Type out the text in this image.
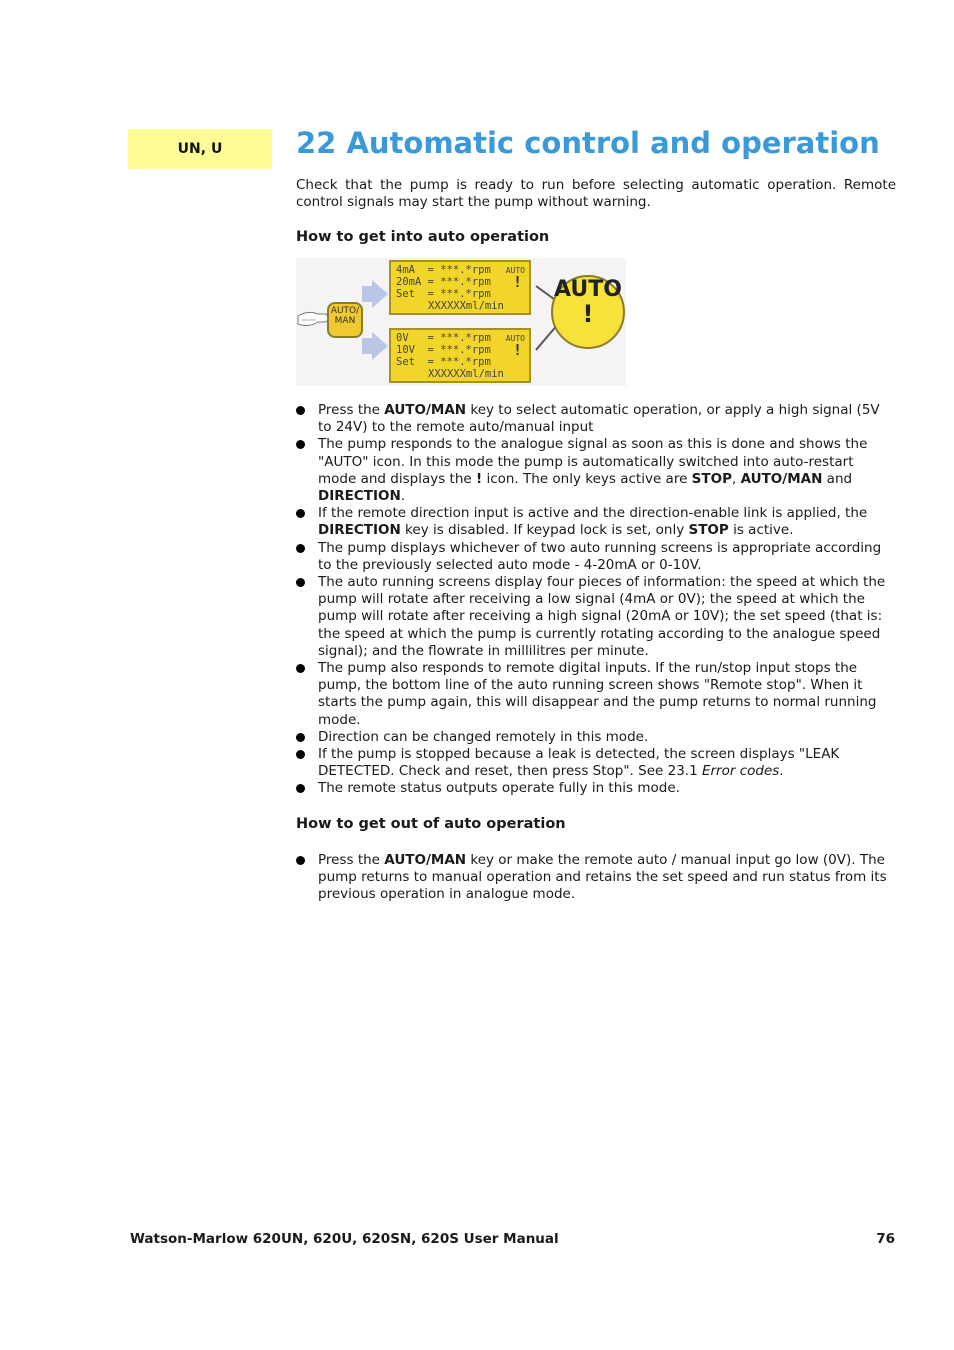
UN, U	22 Automatic control and operation

Check that the pump is ready to run before selecting automatic operation. Remote control signals may start the pump without warning.

How to get into auto operation
AUTO/
MAN
AUTO
!
4mA  = ***.*rpm
20mA = ***.*rpm
Set  = ***.*rpm
XXXXXXml/min
AUTO
!
0V   = ***.*rpm
10V  = ***.*rpm
Set  = ***.*rpm
XXXXXXml/min
AUTO
!
Press the AUTO/MAN key to select automatic operation, or apply a high signal (5V to 24V) to the remote auto/manual input
The pump responds to the analogue signal as soon as this is done and shows the "AUTO" icon. In this mode the pump is automatically switched into auto-restart mode and displays the ! icon. The only keys active are STOP, AUTO/MAN and DIRECTION.
If the remote direction input is active and the direction-enable link is applied, the DIRECTION key is disabled. If keypad lock is set, only STOP is active.
The pump displays whichever of two auto running screens is appropriate according to the previously selected auto mode - 4-20mA or 0-10V.
The auto running screens display four pieces of information: the speed at which the pump will rotate after receiving a low signal (4mA or 0V); the speed at which the pump will rotate after receiving a high signal (20mA or 10V); the set speed (that is: the speed at which the pump is currently rotating according to the analogue speed signal); and the flowrate in millilitres per minute.
The pump also responds to remote digital inputs. If the run/stop input stops the pump, the bottom line of the auto running screen shows "Remote stop". When it starts the pump again, this will disappear and the pump returns to normal running mode.
Direction can be changed remotely in this mode.
If the pump is stopped because a leak is detected, the screen displays "LEAK DETECTED. Check and reset, then press Stop". See 23.1 Error codes.
The remote status outputs operate fully in this mode.
How to get out of auto operation
Press the AUTO/MAN key or make the remote auto / manual input go low (0V). The pump returns to manual operation and retains the set speed and run status from its previous operation in analogue mode.
Watson-Marlow 620UN, 620U, 620SN, 620S User Manual	76
